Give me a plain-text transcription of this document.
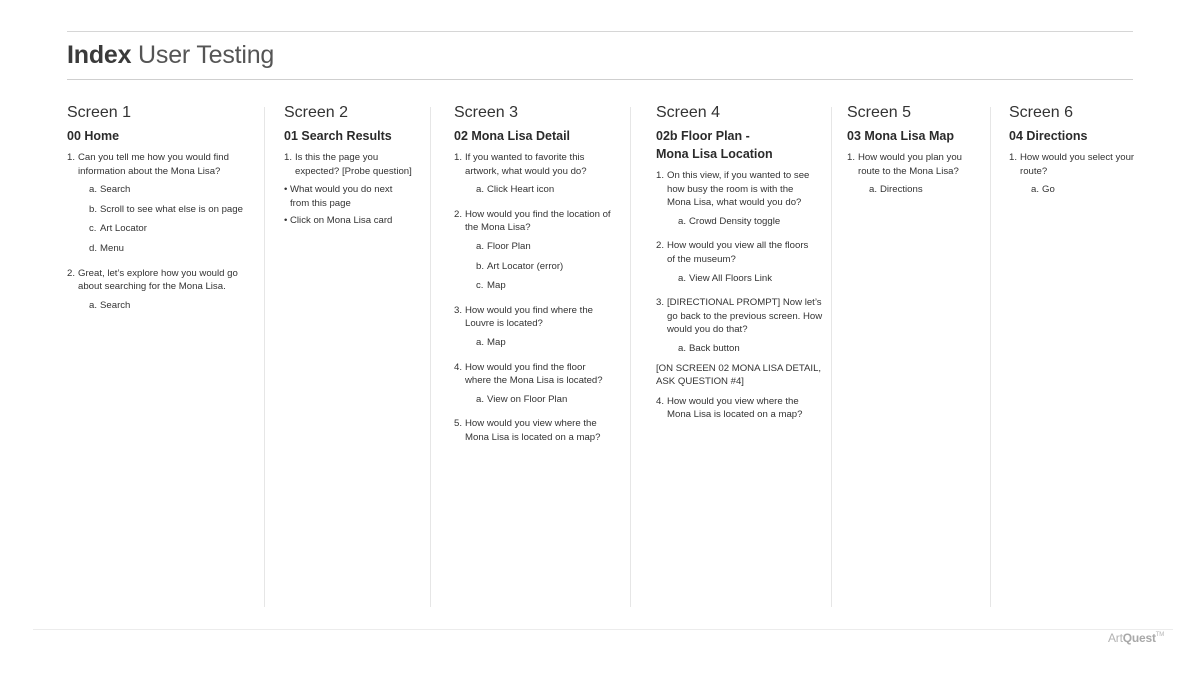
Index User Testing
Screen 1
00 Home
1. Can you tell me how you would find information about the Mona Lisa?
a. Search
b. Scroll to see what else is on page
c. Art Locator
d. Menu
2. Great, let’s explore how you would go about searching for the Mona Lisa.
a. Search
Screen 2
01 Search Results
1. Is this the page you expected? [Probe question]
• What would you do next from this page
• Click on Mona Lisa card
Screen 3
02 Mona Lisa Detail
1. If you wanted to favorite this artwork, what would you do?
a. Click Heart icon
2. How would you find the location of the Mona Lisa?
a. Floor Plan
b. Art Locator (error)
c. Map
3. How would you find where the Louvre is located?
a. Map
4. How would you find the floor where the Mona Lisa is located?
a. View on Floor Plan
5. How would you view where the Mona Lisa is located on a map?
Screen 4
02b Floor Plan -
Mona Lisa Location
1. On this view, if you wanted to see how busy the room is with the Mona Lisa, what would you do?
a. Crowd Density toggle
2. How would you view all the floors of the museum?
a. View All Floors Link
3. [DIRECTIONAL PROMPT] Now let’s go back to the previous screen. How would you do that?
a. Back button
[ON SCREEN 02 MONA LISA DETAIL, ASK QUESTION #4]
4. How would you view where the Mona Lisa is located on a map?
Screen 5
03 Mona Lisa Map
1. How would you plan you route to the Mona Lisa?
a. Directions
Screen 6
04 Directions
1. How would you select your route?
a. Go
ArtQuest™
